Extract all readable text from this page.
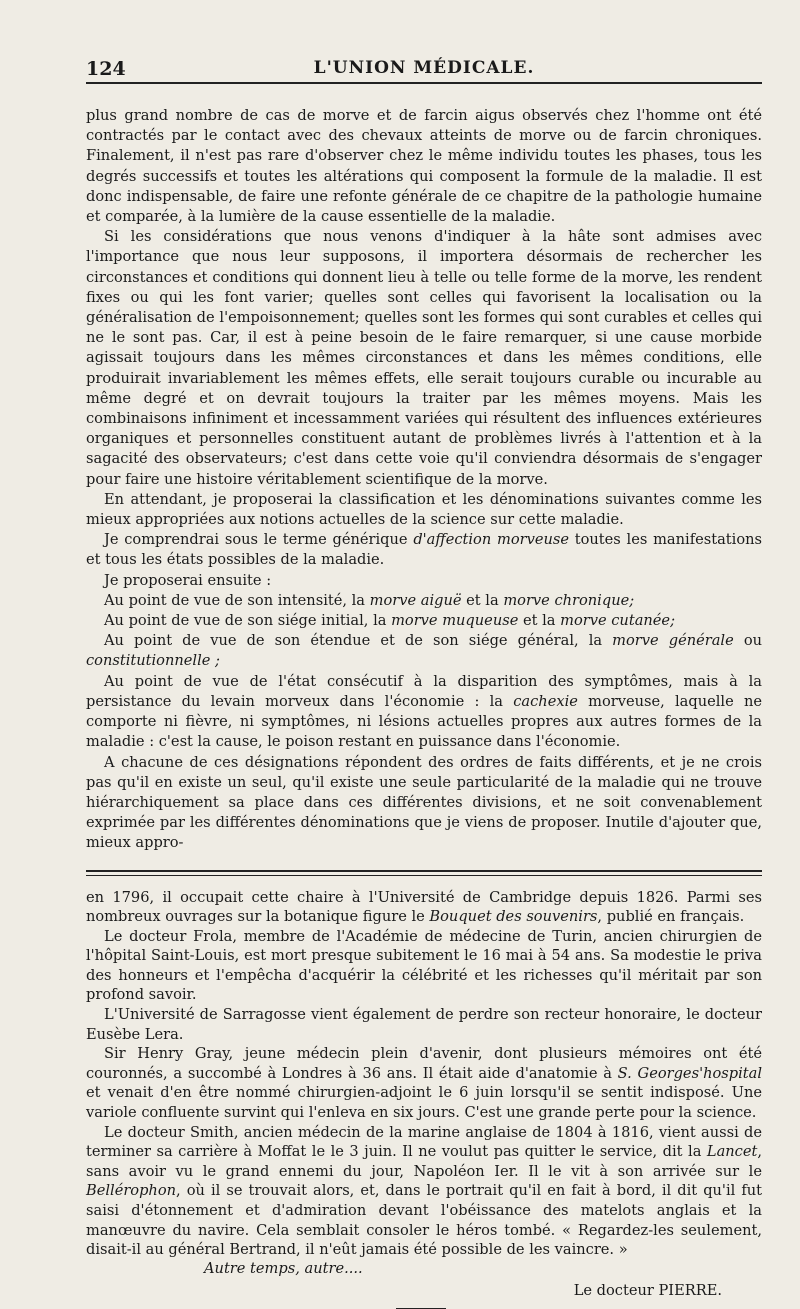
124	L'UNION MÉDICALE.

plus grand nombre de cas de morve et de farcin aigus observés chez l'homme ont été contractés par le contact avec des chevaux atteints de morve ou de farcin chroniques. Finalement, il n'est pas rare d'observer chez le même individu toutes les phases, tous les degrés successifs et toutes les altérations qui composent la formule de la maladie. Il est donc indispensable, de faire une refonte générale de ce chapitre de la pathologie humaine et comparée, à la lumière de la cause essentielle de la maladie.

Si les considérations que nous venons d'indiquer à la hâte sont admises avec l'importance que nous leur supposons, il importera désormais de rechercher les circonstances et conditions qui donnent lieu à telle ou telle forme de la morve, les rendent fixes ou qui les font varier; quelles sont celles qui favorisent la localisation ou la généralisation de l'empoisonnement; quelles sont les formes qui sont curables et celles qui ne le sont pas. Car, il est à peine besoin de le faire remarquer, si une cause morbide agissait toujours dans les mêmes circonstances et dans les mêmes conditions, elle produirait invariablement les mêmes effets, elle serait toujours curable ou incurable au même degré et on devrait toujours la traiter par les mêmes moyens. Mais les combinaisons infiniment et incessamment variées qui résultent des influences extérieures organiques et personnelles constituent autant de problèmes livrés à l'attention et à la sagacité des observateurs; c'est dans cette voie qu'il conviendra désormais de s'engager pour faire une histoire véritablement scientifique de la morve.

En attendant, je proposerai la classification et les dénominations suivantes comme les mieux appropriées aux notions actuelles de la science sur cette maladie.

Je comprendrai sous le terme générique d'affection morveuse toutes les manifestations et tous les états possibles de la maladie.

Je proposerai ensuite :

Au point de vue de son intensité, la morve aiguë et la morve chronique;

Au point de vue de son siége initial, la morve muqueuse et la morve cutanée;

Au point de vue de son étendue et de son siége général, la morve générale ou constitutionnelle ;

Au point de vue de l'état consécutif à la disparition des symptômes, mais à la persistance du levain morveux dans l'économie : la cachexie morveuse, laquelle ne comporte ni fièvre, ni symptômes, ni lésions actuelles propres aux autres formes de la maladie : c'est la cause, le poison restant en puissance dans l'économie.

A chacune de ces désignations répondent des ordres de faits différents, et je ne crois pas qu'il en existe un seul, qu'il existe une seule particularité de la maladie qui ne trouve hiérarchiquement sa place dans ces différentes divisions, et ne soit convenablement exprimée par les différentes dénominations que je viens de proposer. Inutile d'ajouter que, mieux appro-

en 1796, il occupait cette chaire à l'Université de Cambridge depuis 1826. Parmi ses nombreux ouvrages sur la botanique figure le Bouquet des souvenirs, publié en français.

Le docteur Frola, membre de l'Académie de médecine de Turin, ancien chirurgien de l'hôpital Saint-Louis, est mort presque subitement le 16 mai à 54 ans. Sa modestie le priva des honneurs et l'empêcha d'acquérir la célébrité et les richesses qu'il méritait par son profond savoir.

L'Université de Sarragosse vient également de perdre son recteur honoraire, le docteur Eusèbe Lera.

Sir Henry Gray, jeune médecin plein d'avenir, dont plusieurs mémoires ont été couronnés, a succombé à Londres à 36 ans. Il était aide d'anatomie à S. Georges'hospital et venait d'en être nommé chirurgien-adjoint le 6 juin lorsqu'il se sentit indisposé. Une variole confluente survint qui l'enleva en six jours. C'est une grande perte pour la science.

Le docteur Smith, ancien médecin de la marine anglaise de 1804 à 1816, vient aussi de terminer sa carrière à Moffat le le 3 juin. Il ne voulut pas quitter le service, dit la Lancet, sans avoir vu le grand ennemi du jour, Napoléon Ier. Il le vit à son arrivée sur le Bellérophon, où il se trouvait alors, et, dans le portrait qu'il en fait à bord, il dit qu'il fut saisi d'étonnement et d'admiration devant l'obéissance des matelots anglais et la manœuvre du navire. Cela semblait consoler le héros tombé. « Regardez-les seulement, disait-il au général Bertrand, il n'eût jamais été possible de les vaincre. »

Autre temps, autre....
Le docteur PIERRE.
